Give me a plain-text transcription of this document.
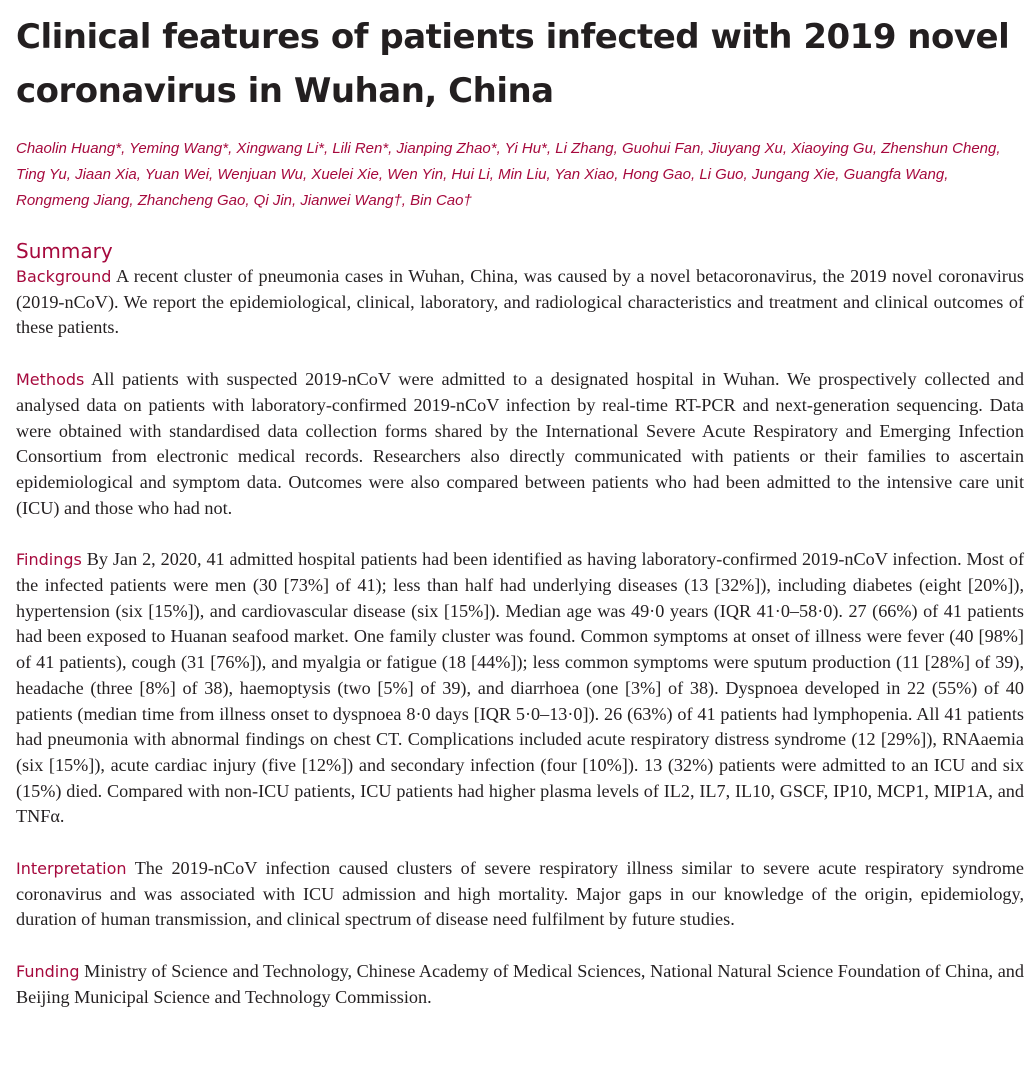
Clinical features of patients infected with 2019 novel coronavirus in Wuhan, China
Chaolin Huang*, Yeming Wang*, Xingwang Li*, Lili Ren*, Jianping Zhao*, Yi Hu*, Li Zhang, Guohui Fan, Jiuyang Xu, Xiaoying Gu, Zhenshun Cheng, Ting Yu, Jiaan Xia, Yuan Wei, Wenjuan Wu, Xuelei Xie, Wen Yin, Hui Li, Min Liu, Yan Xiao, Hong Gao, Li Guo, Jungang Xie, Guangfa Wang, Rongmeng Jiang, Zhancheng Gao, Qi Jin, Jianwei Wang†, Bin Cao†
Summary

Background A recent cluster of pneumonia cases in Wuhan, China, was caused by a novel betacoronavirus, the 2019 novel coronavirus (2019-nCoV). We report the epidemiological, clinical, laboratory, and radiological characteristics and treatment and clinical outcomes of these patients.

Methods All patients with suspected 2019-nCoV were admitted to a designated hospital in Wuhan. We prospectively collected and analysed data on patients with laboratory-confirmed 2019-nCoV infection by real-time RT-PCR and next-generation sequencing. Data were obtained with standardised data collection forms shared by the International Severe Acute Respiratory and Emerging Infection Consortium from electronic medical records. Researchers also directly communicated with patients or their families to ascertain epidemiological and symptom data. Outcomes were also compared between patients who had been admitted to the intensive care unit (ICU) and those who had not.

Findings By Jan 2, 2020, 41 admitted hospital patients had been identified as having laboratory-confirmed 2019-nCoV infection. Most of the infected patients were men (30 [73%] of 41); less than half had underlying diseases (13 [32%]), including diabetes (eight [20%]), hypertension (six [15%]), and cardiovascular disease (six [15%]). Median age was 49·0 years (IQR 41·0–58·0). 27 (66%) of 41 patients had been exposed to Huanan seafood market. One family cluster was found. Common symptoms at onset of illness were fever (40 [98%] of 41 patients), cough (31 [76%]), and myalgia or fatigue (18 [44%]); less common symptoms were sputum production (11 [28%] of 39), headache (three [8%] of 38), haemoptysis (two [5%] of 39), and diarrhoea (one [3%] of 38). Dyspnoea developed in 22 (55%) of 40 patients (median time from illness onset to dyspnoea 8·0 days [IQR 5·0–13·0]). 26 (63%) of 41 patients had lymphopenia. All 41 patients had pneumonia with abnormal findings on chest CT. Complications included acute respiratory distress syndrome (12 [29%]), RNAaemia (six [15%]), acute cardiac injury (five [12%]) and secondary infection (four [10%]). 13 (32%) patients were admitted to an ICU and six (15%) died. Compared with non-ICU patients, ICU patients had higher plasma levels of IL2, IL7, IL10, GSCF, IP10, MCP1, MIP1A, and TNFα.

Interpretation The 2019-nCoV infection caused clusters of severe respiratory illness similar to severe acute respiratory syndrome coronavirus and was associated with ICU admission and high mortality. Major gaps in our knowledge of the origin, epidemiology, duration of human transmission, and clinical spectrum of disease need fulfilment by future studies.

Funding Ministry of Science and Technology, Chinese Academy of Medical Sciences, National Natural Science Foundation of China, and Beijing Municipal Science and Technology Commission.
